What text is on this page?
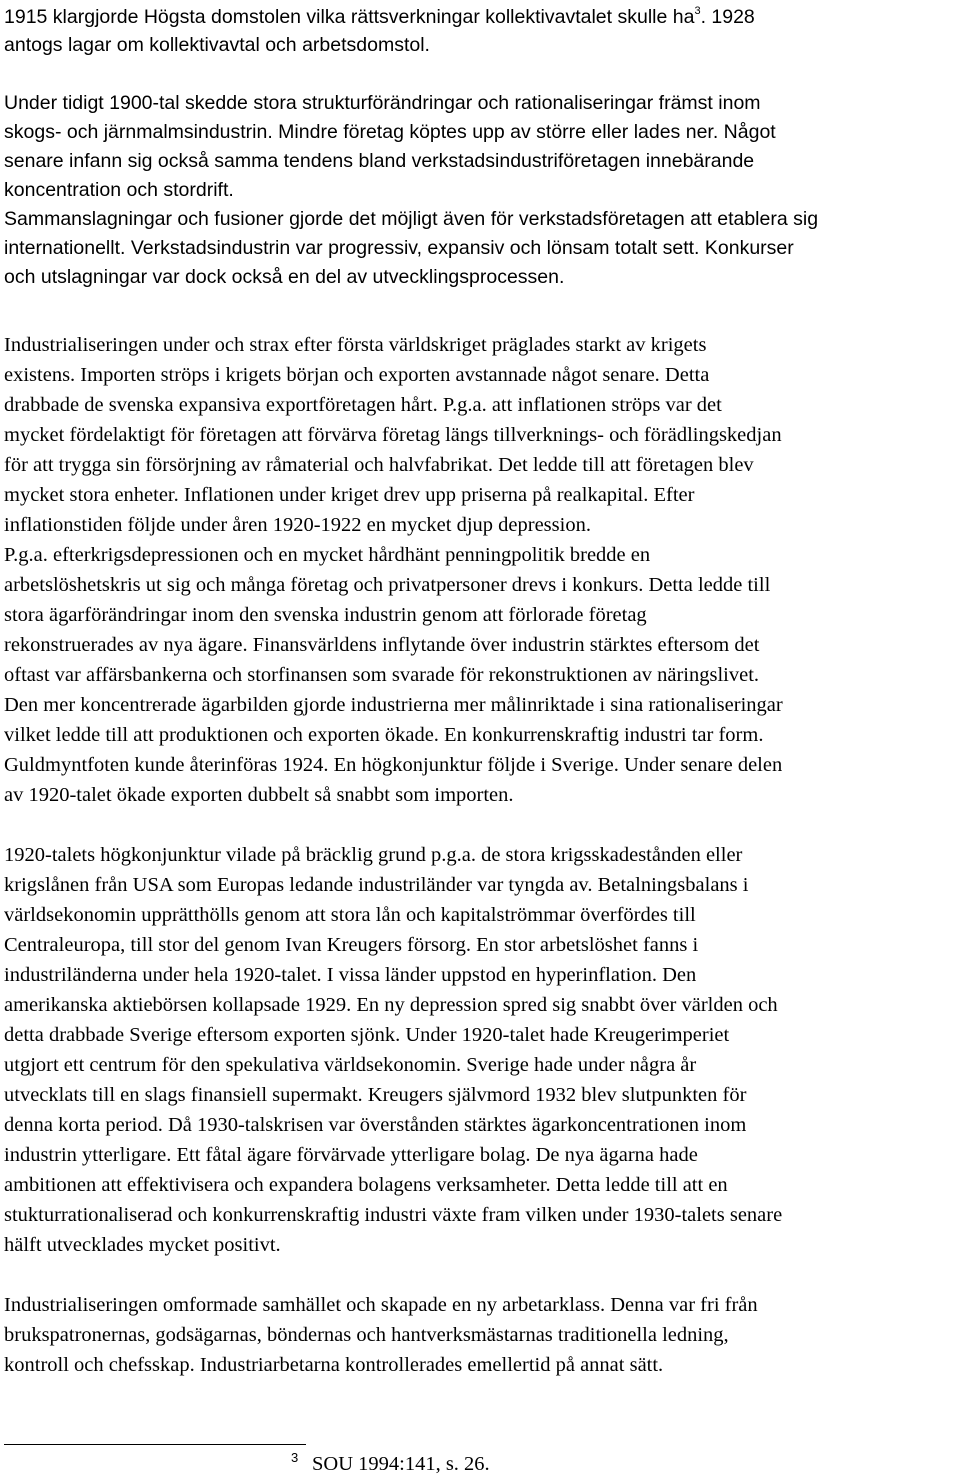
1915 klargjorde Högsta domstolen vilka rättsverkningar kollektivavtalet skulle $ha^3$. 1928
antogs lagar om kollektivavtal och arbetsdomstol.
Under tidigt 1900-tal skedde stora strukturförändringar och rationaliseringar främst inom
skogs- och järnmalmsindustrin. Mindre företag köptes upp av större eller lades ner. Något
senare infann sig också samma tendens bland verkstadsindustriföretagen innebärande
koncentration och stordrift.
Sammanslagningar och fusioner gjorde det möjligt även för verkstadsföretagen att etablera sig
internationellt. Verkstadsindustrin var progressiv, expansiv och lönsam totalt sett. Konkurser
och utslagningar var dock också en del av utvecklingsprocessen.
Industrialiseringen under och strax efter första världskriget präglades starkt av krigets
existens. Importen ströps i krigets början och exporten avstannade något senare. Detta
drabbade de svenska expansiva exportföretagen hårt. P.g.a. att inflationen ströps var det
mycket fördelaktigt för företagen att förvärva företag längs tillverknings- och förädlingskedjan
för att trygga sin försörjning av råmaterial och halvfabrikat. Det ledde till att företagen blev
mycket stora enheter. Inflationen under kriget drev upp priserna på realkapital. Efter
inflationstiden följde under åren 1920-1922 en mycket djup depression.
P.g.a. efterkrigsdepressionen och en mycket hårdhänt penningpolitik bredde en
arbetslöshetskris ut sig och många företag och privatpersoner drevs i konkurs. Detta ledde till
stora ägarförändringar inom den svenska industrin genom att förlorade företag
rekonstruerades av nya ägare. Finansvärldens inflytande över industrin stärktes eftersom det
oftast var affärsbankerna och storfinansen som svarade för rekonstruktionen av näringslivet.
Den mer koncentrerade ägarbilden gjorde industrierna mer målinriktade i sina rationaliseringar
vilket ledde till att produktionen och exporten ökade. En konkurrenskraftig industri tar form.
Guldmyntfoten kunde återinföras 1924. En högkonjunktur följde i Sverige. Under senare delen
av 1920-talet ökade exporten dubbelt så snabbt som importen.
1920-talets högkonjunktur vilade på bräcklig grund p.g.a. de stora krigsskadestånden eller
krigslånen från USA som Europas ledande industriländer var tyngda av. Betalningsbalans i
världsekonomin upprätthölls genom att stora lån och kapitalströmmar överfördes till
Centraleuropa, till stor del genom Ivan Kreugers försorg. En stor arbetslöshet fanns i
industriländerna under hela 1920-talet. I vissa länder uppstod en hyperinflation. Den
amerikanska aktiebörsen kollapsade 1929. En ny depression spred sig snabbt över världen och
detta drabbade Sverige eftersom exporten sjönk. Under 1920-talet hade Kreugerimperiet
utgjort ett centrum för den spekulativa världsekonomin. Sverige hade under några år
utvecklats till en slags finansiell supermakt. Kreugers självmord 1932 blev slutpunkten för
denna korta period. Då 1930-talskrisen var överstånden stärktes ägarkoncentrationen inom
industrin ytterligare. Ett fåtal ägare förvärvade ytterligare bolag. De nya ägarna hade
ambitionen att effektivisera och expandera bolagens verksamheter. Detta ledde till att en
stukturrationaliserad och konkurrenskraftig industri växte fram vilken under 1930-talets senare
hälft utvecklades mycket positivt.
Industrialiseringen omformade samhället och skapade en ny arbetarklass. Denna var fri från
brukspatronernas, godsägarnas, böndernas och hantverksmästarnas traditionella ledning,
kontroll och chefsskap. Industriarbetarna kontrollerades emellertid på annat sätt.
3 SOU 1994:141, s. 26.
